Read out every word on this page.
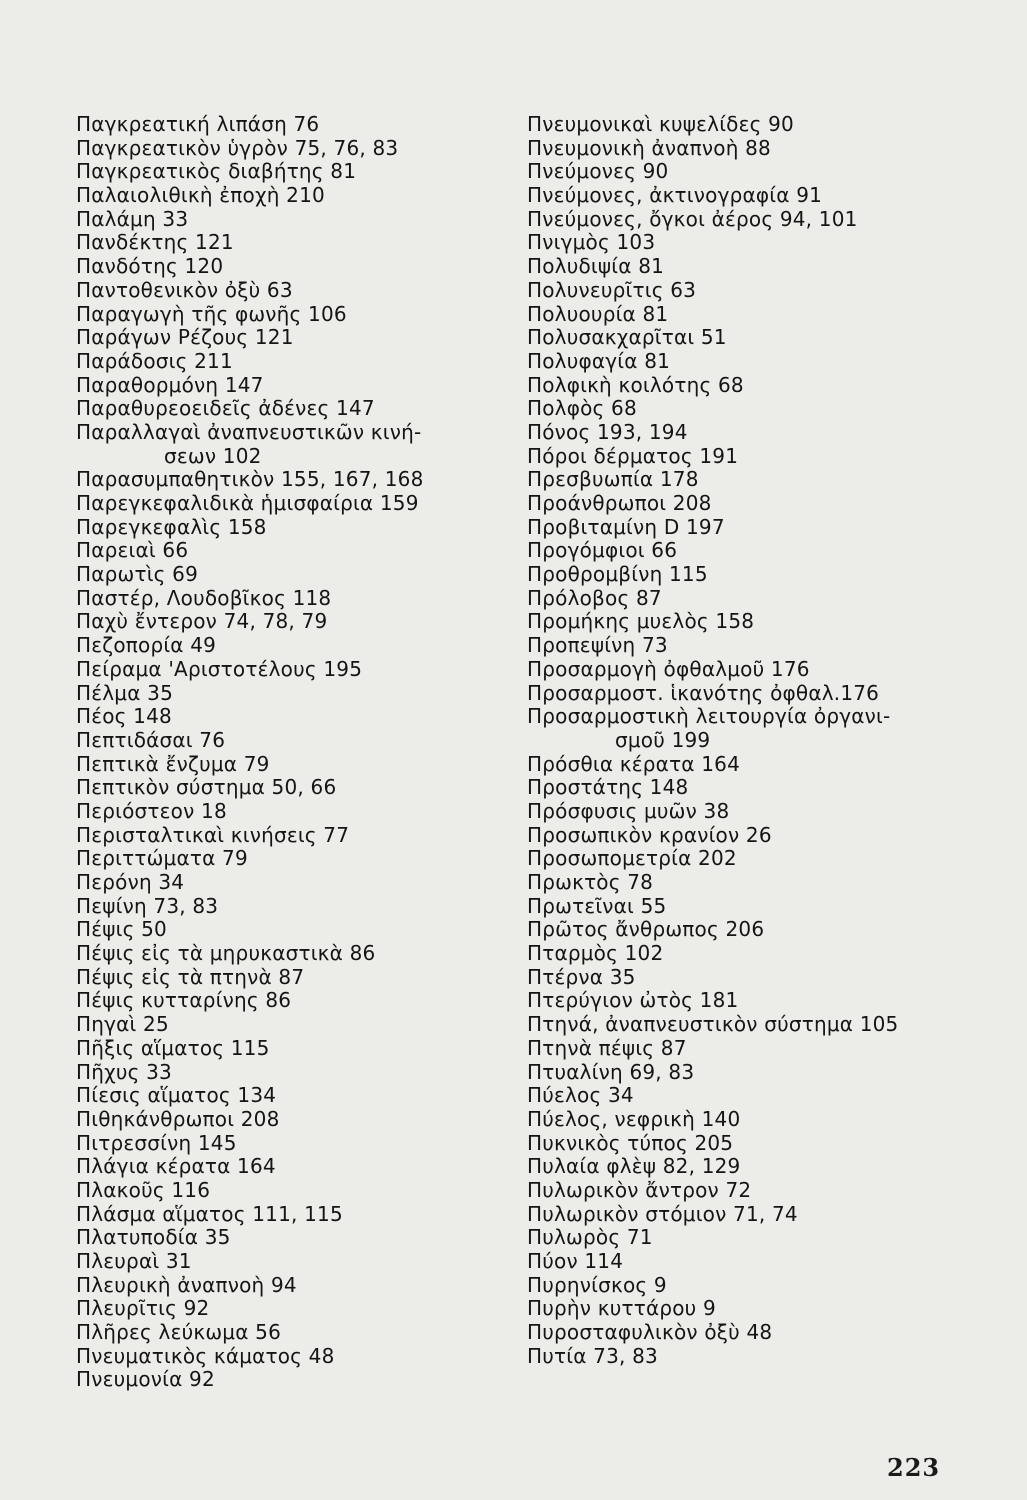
Παγκρεατική λιπάση 76
Παγκρεατικὸν ὑγρὸν 75, 76, 83
Παγκρεατικὸς διαβήτης 81
Παλαιολιθικὴ ἐποχὴ 210
Παλάμη 33
Πανδέκτης 121
Πανδότης 120
Παντοθενικὸν ὀξὺ 63
Παραγωγὴ τῆς φωνῆς 106
Παράγων Ρέζους 121
Παράδοσις 211
Παραθορμόνη 147
Παραθυρεοειδεῖς ἀδένες 147
Παραλλαγαὶ ἀναπνευστικῶν κινή-
σεων 102
Παρασυμπαθητικὸν 155, 167, 168
Παρεγκεφαλιδικὰ ἡμισφαίρια 159
Παρεγκεφαλὶς 158
Παρειαὶ 66
Παρωτὶς 69
Παστέρ, Λουδοβῖκος 118
Παχὺ ἔντερον 74, 78, 79
Πεζοπορία 49
Πείραμα 'Αριστοτέλους 195
Πέλμα 35
Πέος 148
Πεπτιδάσαι 76
Πεπτικὰ ἔνζυμα 79
Πεπτικὸν σύστημα 50, 66
Περιόστεον 18
Περισταλτικαὶ κινήσεις 77
Περιττώματα 79
Περόνη 34
Πεψίνη 73, 83
Πέψις 50
Πέψις εἰς τὰ μηρυκαστικὰ 86
Πέψις εἰς τὰ πτηνὰ 87
Πέψις κυτταρίνης 86
Πηγαὶ 25
Πῆξις αἵματος 115
Πῆχυς 33
Πίεσις αἵματος 134
Πιθηκάνθρωποι 208
Πιτρεσσίνη 145
Πλάγια κέρατα 164
Πλακοῦς 116
Πλάσμα αἵματος 111, 115
Πλατυποδία 35
Πλευραὶ 31
Πλευρικὴ ἀναπνοὴ 94
Πλευρῖτις 92
Πλῆρες λεύκωμα 56
Πνευματικὸς κάματος 48
Πνευμονία 92
Πνευμονικαὶ κυψελίδες 90
Πνευμονικὴ ἀναπνοὴ 88
Πνεύμονες 90
Πνεύμονες, ἀκτινογραφία 91
Πνεύμονες, ὄγκοι ἀέρος 94, 101
Πνιγμὸς 103
Πολυδιψία 81
Πολυνευρῖτις 63
Πολυουρία 81
Πολυσακχαρῖται 51
Πολυφαγία 81
Πολφικὴ κοιλότης 68
Πολφὸς 68
Πόνος 193, 194
Πόροι δέρματος 191
Πρεσβυωπία 178
Προάνθρωποι 208
Προβιταμίνη D 197
Προγόμφιοι 66
Προθρομβίνη 115
Πρόλοβος 87
Προμήκης μυελὸς 158
Προπεψίνη 73
Προσαρμογὴ ὀφθαλμοῦ 176
Προσαρμοστ. ἱκανότης ὀφθαλ.176
Προσαρμοστικὴ λειτουργία ὀργανι-
σμοῦ 199
Πρόσθια κέρατα 164
Προστάτης 148
Πρόσφυσις μυῶν 38
Προσωπικὸν κρανίον 26
Προσωπομετρία 202
Πρωκτὸς 78
Πρωτεῖναι 55
Πρῶτος ἄνθρωπος 206
Πταρμὸς 102
Πτέρνα 35
Πτερύγιον ὠτὸς 181
Πτηνά, ἀναπνευστικὸν σύστημα 105
Πτηνὰ πέψις 87
Πτυαλίνη 69, 83
Πύελος 34
Πύελος, νεφρικὴ 140
Πυκνικὸς τύπος 205
Πυλαία φλὲψ 82, 129
Πυλωρικὸν ἄντρον 72
Πυλωρικὸν στόμιον 71, 74
Πυλωρὸς 71
Πύον 114
Πυρηνίσκος 9
Πυρὴν κυττάρου 9
Πυροσταφυλικὸν ὀξὺ 48
Πυτία 73, 83
223
